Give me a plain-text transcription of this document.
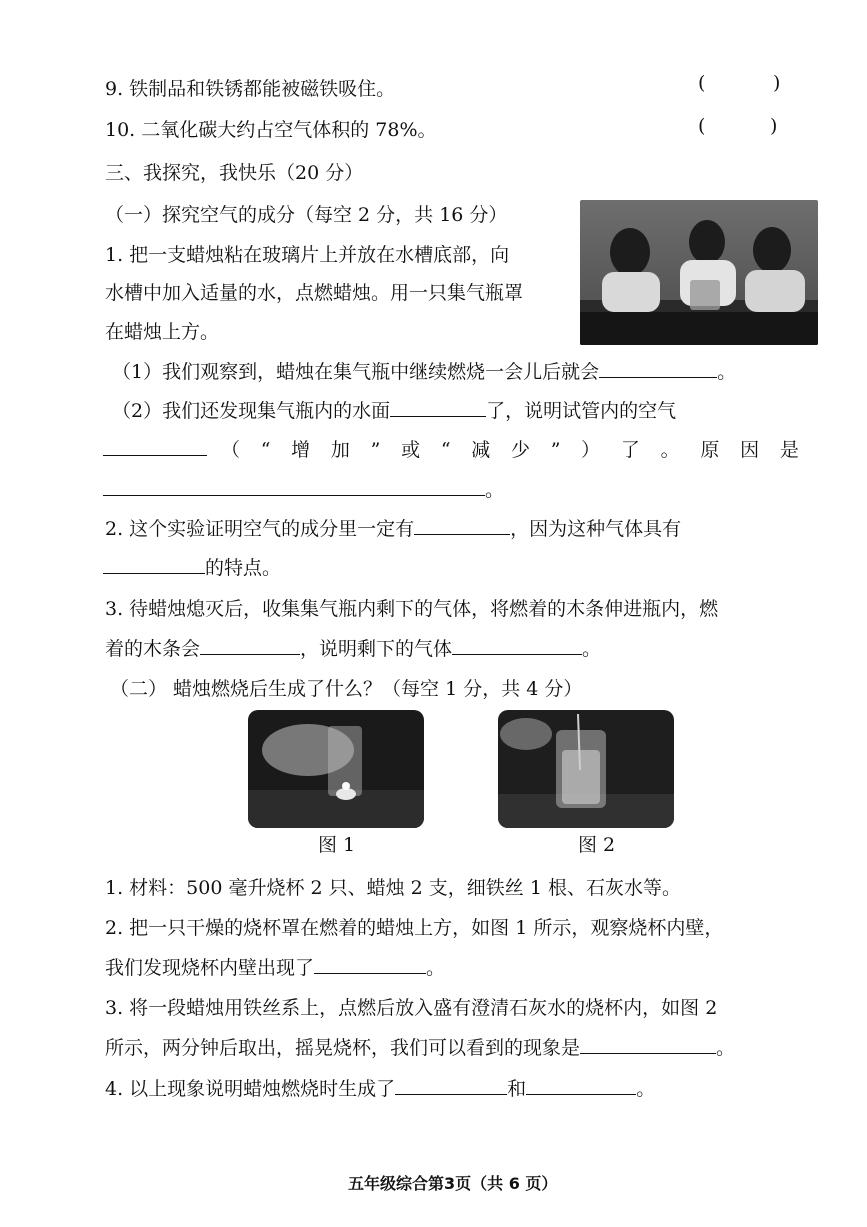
9. 铁制品和铁锈都能被磁铁吸住。	(	)
10. 二氧化碳大约占空气体积的 78%。	(	)
三、我探究，我快乐（20 分）
（一）探究空气的成分（每空 2 分，共 16 分）
1. 把一支蜡烛粘在玻璃片上并放在水槽底部，向
水槽中加入适量的水，点燃蜡烛。用一只集气瓶罩
在蜡烛上方。
（1）我们观察到，蜡烛在集气瓶中继续燃烧一会儿后就会	。
（2）我们还发现集气瓶内的水面	了，说明试管内的空气
（ “ 增 加 ” 或 “ 减 少 ” ） 了 。 原 因 是
。
2. 这个实验证明空气的成分里一定有	，因为这种气体具有
的特点。
3. 待蜡烛熄灭后，收集集气瓶内剩下的气体，将燃着的木条伸进瓶内，燃
着的木条会	，说明剩下的气体	。
（二） 蜡烛燃烧后生成了什么？（每空 1 分，共 4 分）
图 1	图 2
1. 材料：500 毫升烧杯 2 只、蜡烛 2 支，细铁丝 1 根、石灰水等。
2. 把一只干燥的烧杯罩在燃着的蜡烛上方，如图 1 所示，观察烧杯内壁，
我们发现烧杯内壁出现了	。
3. 将一段蜡烛用铁丝系上，点燃后放入盛有澄清石灰水的烧杯内，如图 2
所示，两分钟后取出，摇晃烧杯，我们可以看到的现象是	。
4. 以上现象说明蜡烛燃烧时生成了	和	。
五年级综合第3页（共 6 页）
